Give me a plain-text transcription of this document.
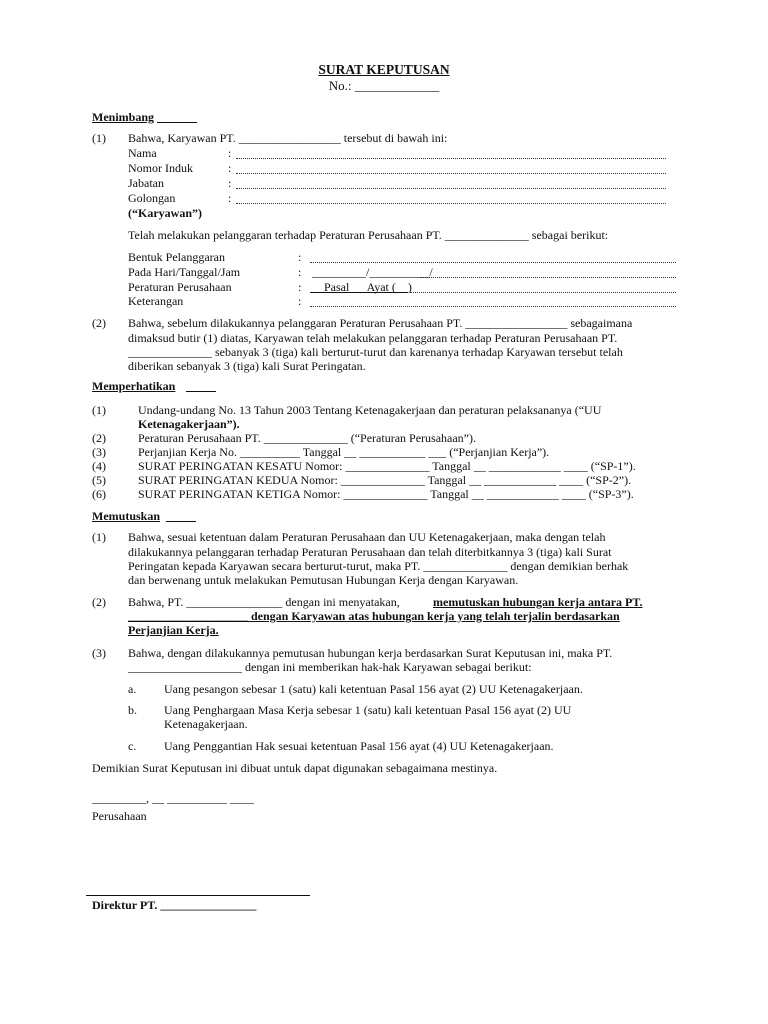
SURAT KEPUTUSAN
No.: _____________
Menimbang
(1) Bahwa, Karyawan PT. _________________ tersebut di bawah ini:
Nama	:
Nomor Induk	:
Jabatan	:
Golongan	:
(“Karyawan”)
Telah melakukan pelanggaran terhadap Peraturan Perusahaan PT. ______________ sebagai berikut:
Bentuk Pelanggaran	:
Pada Hari/Tanggal/Jam	: _________/__________/
Peraturan Perusahaan	: Pasal __ Ayat (__)
Keterangan	:
(2) Bahwa, sebelum dilakukannya pelanggaran Peraturan Perusahaan PT. _________________ sebagaimana
dimaksud butir (1) diatas, Karyawan telah melakukan pelanggaran terhadap Peraturan Perusahaan PT.
______________ sebanyak 3 (tiga) kali berturut-turut dan karenanya terhadap Karyawan tersebut telah
diberikan sebanyak 3 (tiga) kali Surat Peringatan.
Memperhatikan
(1)	Undang-undang No. 13 Tahun 2003 Tentang Ketenagakerjaan dan peraturan pelaksananya (“UU
Ketenagakerjaan”).
(2)	Peraturan Perusahaan PT. ______________ (“Peraturan Perusahaan”).
(3)	Perjanjian Kerja No. __________ Tanggal __ ___________ ___ (“Perjanjian Kerja”).
(4)	SURAT PERINGATAN KESATU Nomor: ______________ Tanggal __ ____________ ____ (“SP-1”).
(5)	SURAT PERINGATAN KEDUA Nomor: ______________ Tanggal __ ____________ ____ (“SP-2”).
(6)	SURAT PERINGATAN KETIGA Nomor: ______________ Tanggal __ ____________ ____ (“SP-3”).
Memutuskan
(1) Bahwa, sesuai ketentuan dalam Peraturan Perusahaan dan UU Ketenagakerjaan, maka dengan telah
dilakukannya pelanggaran terhadap Peraturan Perusahaan dan telah diterbitkannya 3 (tiga) kali Surat
Peringatan kepada Karyawan secara berturut-turut, maka PT. ______________ dengan demikian berhak
dan berwenang untuk melakukan Pemutusan Hubungan Kerja dengan Karyawan.
(2) Bahwa, PT. ________________ dengan ini menyatakan,	memutuskan hubungan kerja antara PT.
____________________ dengan Karyawan atas hubungan kerja yang telah terjalin berdasarkan
Perjanjian Kerja.
(3) Bahwa, dengan dilakukannya pemutusan hubungan kerja berdasarkan Surat Keputusan ini, maka PT.
___________________ dengan ini memberikan hak-hak Karyawan sebagai berikut:
a. Uang pesangon sebesar 1 (satu) kali ketentuan Pasal 156 ayat (2) UU Ketenagakerjaan.
b. Uang Penghargaan Masa Kerja sebesar 1 (satu) kali ketentuan Pasal 156 ayat (2) UU
Ketenagakerjaan.
c. Uang Penggantian Hak sesuai ketentuan Pasal 156 ayat (4) UU Ketenagakerjaan.
Demikian Surat Keputusan ini dibuat untuk dapat digunakan sebagaimana mestinya.
_________, __ __________ ____
Perusahaan
Direktur PT. ________________
